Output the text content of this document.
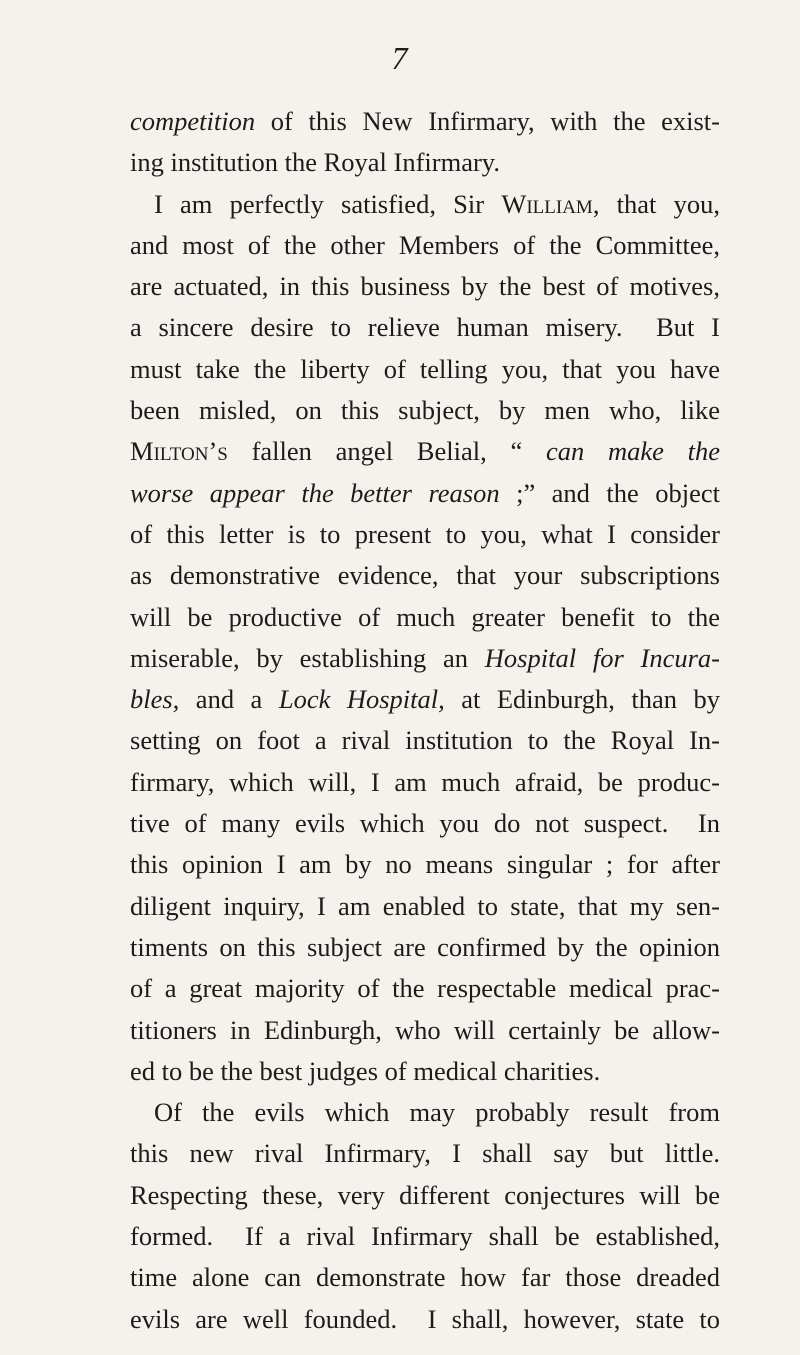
7
competition of this New Infirmary, with the exist-
ing institution the Royal Infirmary.
I am perfectly satisfied, Sir William, that you,
and most of the other Members of the Committee,
are actuated, in this business by the best of motives,
a sincere desire to relieve human misery.  But I
must take the liberty of telling you, that you have
been misled, on this subject, by men who, like
Milton’s fallen angel Belial, “ can make the
worse appear the better reason ;” and the object
of this letter is to present to you, what I consider
as demonstrative evidence, that your subscriptions
will be productive of much greater benefit to the
miserable, by establishing an Hospital for Incura-
bles, and a Lock Hospital, at Edinburgh, than by
setting on foot a rival institution to the Royal In-
firmary, which will, I am much afraid, be produc-
tive of many evils which you do not suspect.  In
this opinion I am by no means singular ; for after
diligent inquiry, I am enabled to state, that my sen-
timents on this subject are confirmed by the opinion
of a great majority of the respectable medical prac-
titioners in Edinburgh, who will certainly be allow-
ed to be the best judges of medical charities.
Of the evils which may probably result from
this new rival Infirmary, I shall say but little.
Respecting these, very different conjectures will be
formed.  If a rival Infirmary shall be established,
time alone can demonstrate how far those dreaded
evils are well founded.  I shall, however, state to
